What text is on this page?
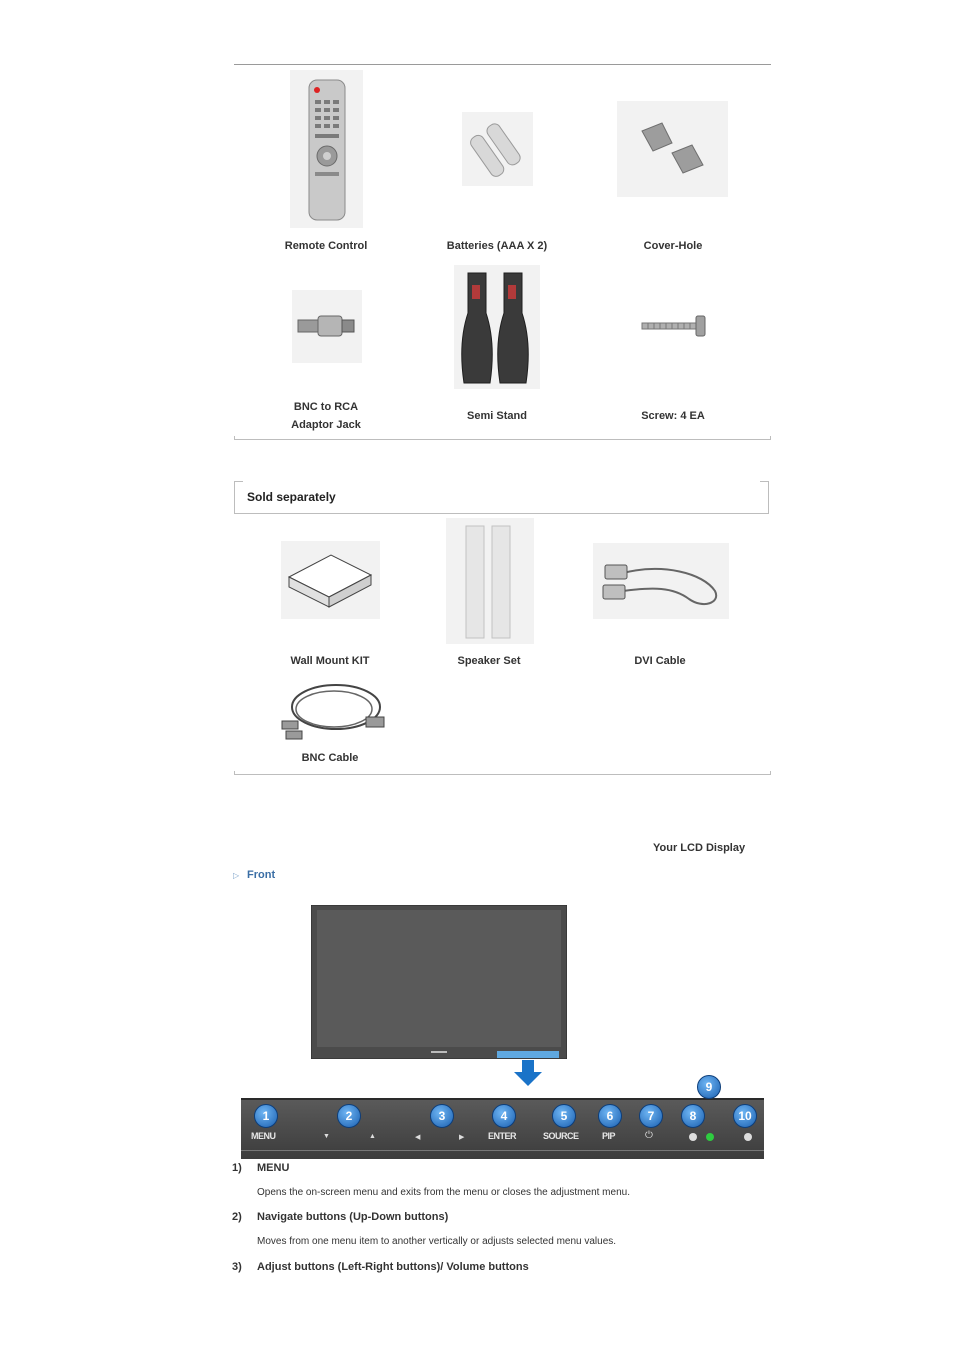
Remote Control	Batteries (AAA X 2)	Cover-Hole
BNC to RCA
Adaptor Jack
Semi Stand	Screw: 4 EA
Sold separately
Wall Mount KIT	Speaker Set	DVI Cable
BNC Cable
Your LCD Display
▷ Front
MENU	ENTER	SOURCE	PIP
▼	▲	◀	▶	⏻
1	2	3	4	5	6	7	8
9
10
1) MENU
Opens the on-screen menu and exits from the menu or closes the adjustment menu.
2) Navigate buttons (Up-Down buttons)
Moves from one menu item to another vertically or adjusts selected menu values.
3) Adjust buttons (Left-Right buttons)/ Volume buttons
